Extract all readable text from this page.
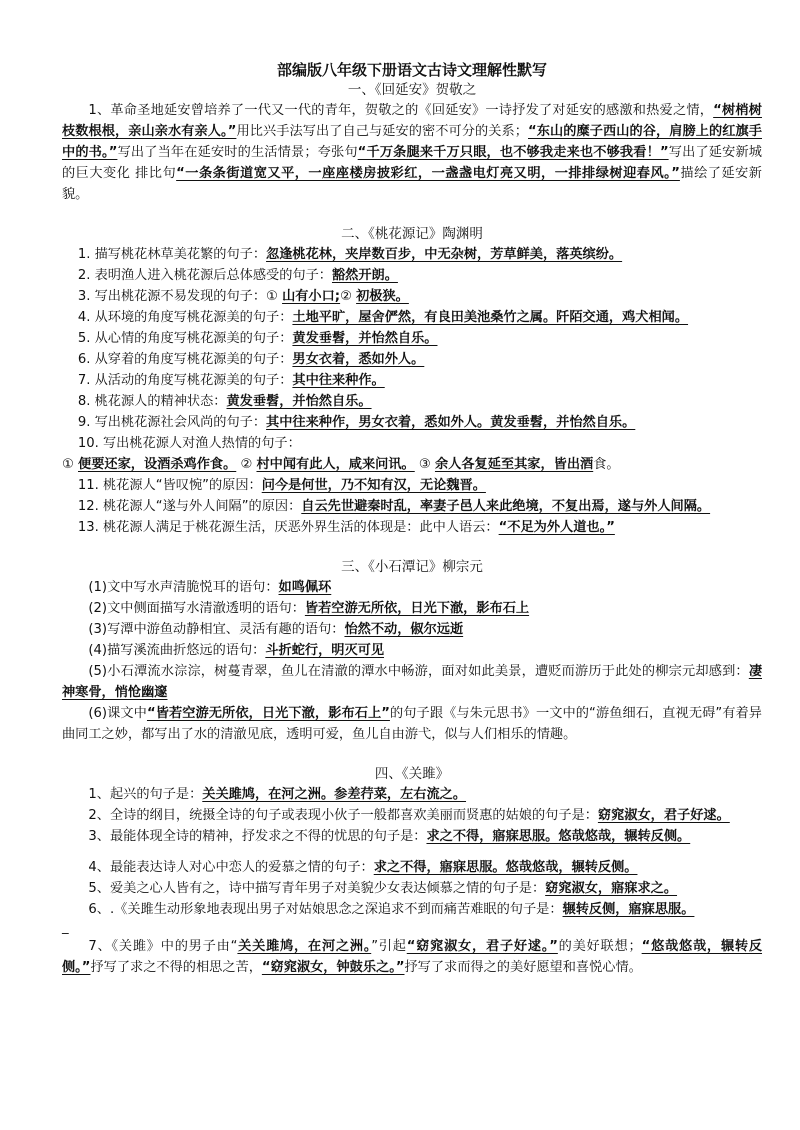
部编版八年级下册语文古诗文理解性默写

一、《回延安》贺敬之

1、革命圣地延安曾培养了一代又一代的青年，贺敬之的《回延安》一诗抒发了对延安的感激和热爱之情，“树梢树枝数根根，亲山亲水有亲人。”用比兴手法写出了自己与延安的密不可分的关系；“东山的糜子西山的谷，肩膀上的红旗手中的书。”写出了当年在延安时的生活情景；夸张句“千万条腿来千万只眼，也不够我走来也不够我看！”写出了延安新城的巨大变化 排比句“一条条街道宽又平，一座座楼房披彩红，一盏盏电灯亮又明，一排排绿树迎春风。”描绘了延安新貌。

二、《桃花源记》陶渊明

1. 描写桃花林草美花繁的句子：忽逢桃花林，夹岸数百步，中无杂树，芳草鲜美，落英缤纷。

2. 表明渔人进入桃花源后总体感受的句子：豁然开朗。

3. 写出桃花源不易发现的句子：① 山有小口;② 初极狭。

4. 从环境的角度写桃花源美的句子：土地平旷，屋舍俨然，有良田美池桑竹之属。阡陌交通，鸡犬相闻。

5. 从心情的角度写桃花源美的句子：黄发垂髫，并怡然自乐。

6. 从穿着的角度写桃花源美的句子：男女衣着，悉如外人。

7. 从活动的角度写桃花源美的句子：其中往来种作。

8. 桃花源人的精神状态：黄发垂髫，并怡然自乐。

9. 写出桃花源社会风尚的句子：其中往来种作，男女衣着，悉如外人。黄发垂髫，并怡然自乐。

10. 写出桃花源人对渔人热情的句子：

① 便要还家，设酒杀鸡作食。 ② 村中闻有此人，咸来问讯。 ③ 余人各复延至其家，皆出酒食。

11. 桃花源人“皆叹惋”的原因：问今是何世，乃不知有汉，无论魏晋。

12. 桃花源人“遂与外人间隔”的原因：自云先世避秦时乱，率妻子邑人来此绝境，不复出焉，遂与外人间隔。

13. 桃花源人满足于桃花源生活，厌恶外界生活的体现是：此中人语云：“不足为外人道也。”

三、《小石潭记》柳宗元

(1)文中写水声清脆悦耳的语句：如鸣佩环

(2)文中侧面描写水清澈透明的语句：皆若空游无所依，日光下澈，影布石上

(3)写潭中游鱼动静相宜、灵活有趣的语句：怡然不动，俶尔远逝

(4)描写溪流曲折悠远的语句：斗折蛇行，明灭可见

(5)小石潭流水淙淙，树蔓青翠，鱼儿在清澈的潭水中畅游，面对如此美景，遭贬而游历于此处的柳宗元却感到：凄神寒骨，悄怆幽邃

(6)课文中“皆若空游无所依，日光下澈，影布石上”的句子跟《与朱元思书》一文中的“游鱼细石，直视无碍”有着异曲同工之妙，都写出了水的清澈见底，透明可爱，鱼儿自由游弋，似与人们相乐的情趣。

四、《关雎》

1、起兴的句子是：关关雎鸠，在河之洲。参差荇菜，左右流之。

2、全诗的纲目，统摄全诗的句子或表现小伙子一般都喜欢美丽而贤惠的姑娘的句子是：窈窕淑女，君子好逑。

3、最能体现全诗的精神，抒发求之不得的忧思的句子是：求之不得，寤寐思服。悠哉悠哉，辗转反侧。

4、最能表达诗人对心中恋人的爱慕之情的句子：求之不得，寤寐思服。悠哉悠哉，辗转反侧。

5、爱美之心人皆有之，诗中描写青年男子对美貌少女表达倾慕之情的句子是：窈窕淑女，寤寐求之。

6、.《关雎生动形象地表现出男子对姑娘思念之深追求不到而痛苦难眠的句子是：辗转反侧，寤寐思服。

_

7、《关雎》中的男子由“关关雎鸠，在河之洲。”引起“窈窕淑女，君子好逑。”的美好联想；“悠哉悠哉，辗转反侧。”抒写了求之不得的相思之苦，“窈窕淑女，钟鼓乐之。”抒写了求而得之的美好愿望和喜悦心情。
